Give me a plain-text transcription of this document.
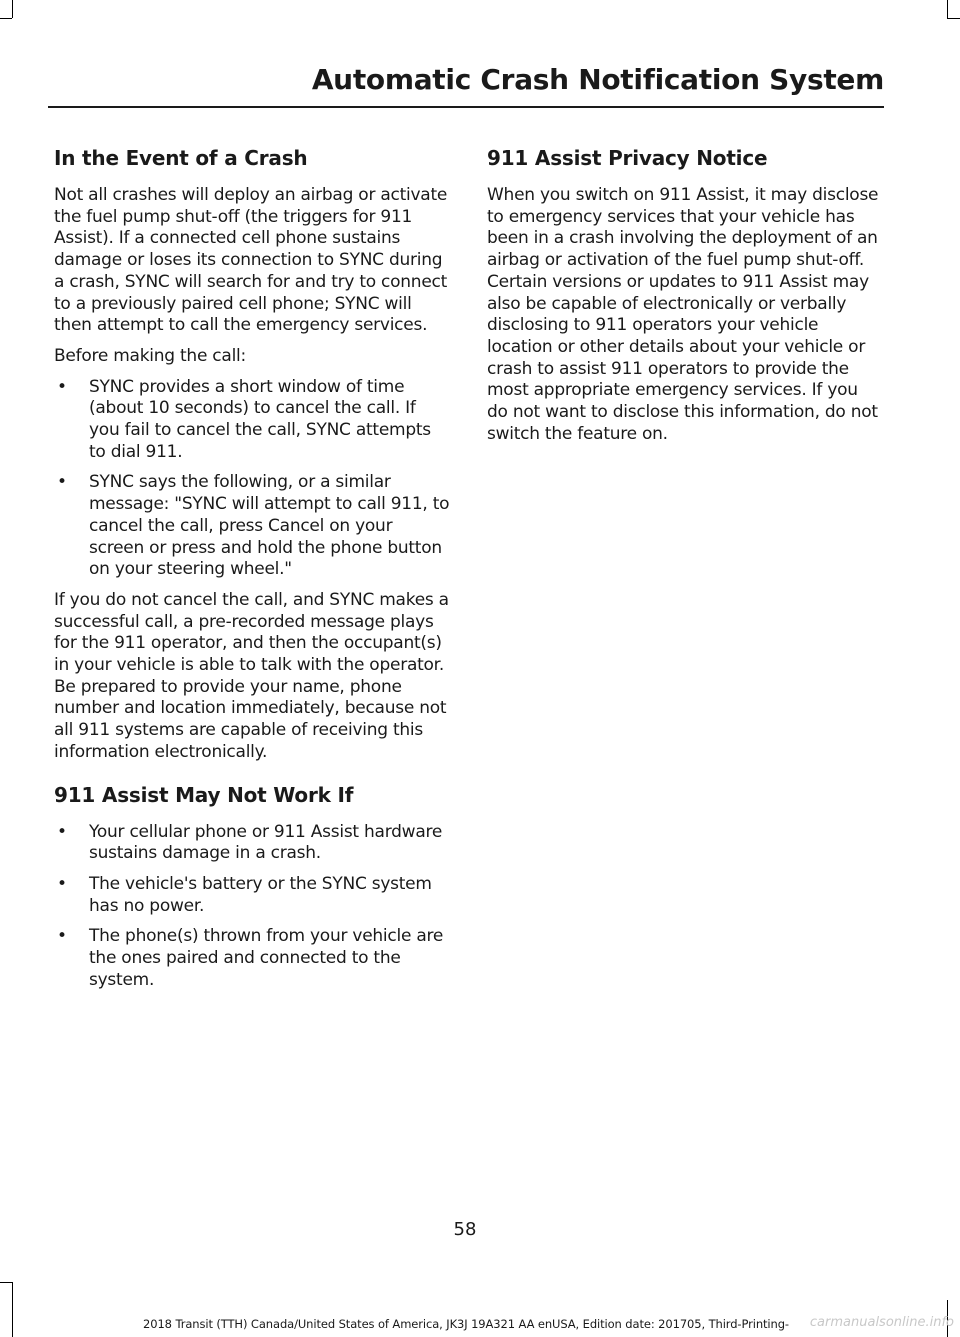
Automatic Crash Notification System
In the Event of a Crash

Not all crashes will deploy an airbag or activate the fuel pump shut-off (the triggers for 911 Assist). If a connected cell phone sustains damage or loses its connection to SYNC during a crash, SYNC will search for and try to connect to a previously paired cell phone; SYNC will then attempt to call the emergency services.

Before making the call:

• SYNC provides a short window of time (about 10 seconds) to cancel the call. If you fail to cancel the call, SYNC attempts to dial 911.
• SYNC says the following, or a similar message: "SYNC will attempt to call 911, to cancel the call, press Cancel on your screen or press and hold the phone button on your steering wheel."

If you do not cancel the call, and SYNC makes a successful call, a pre-recorded message plays for the 911 operator, and then the occupant(s) in your vehicle is able to talk with the operator. Be prepared to provide your name, phone number and location immediately, because not all 911 systems are capable of receiving this information electronically.

911 Assist May Not Work If
• Your cellular phone or 911 Assist hardware sustains damage in a crash.
• The vehicle's battery or the SYNC system has no power.
• The phone(s) thrown from your vehicle are the ones paired and connected to the system.
911 Assist Privacy Notice

When you switch on 911 Assist, it may disclose to emergency services that your vehicle has been in a crash involving the deployment of an airbag or activation of the fuel pump shut-off. Certain versions or updates to 911 Assist may also be capable of electronically or verbally disclosing to 911 operators your vehicle location or other details about your vehicle or crash to assist 911 operators to provide the most appropriate emergency services. If you do not want to disclose this information, do not switch the feature on.

58
2018 Transit (TTH) Canada/United States of America, JK3J 19A321 AA enUSA, Edition date: 201705, Third-Printing-	carmanualsonline.info
